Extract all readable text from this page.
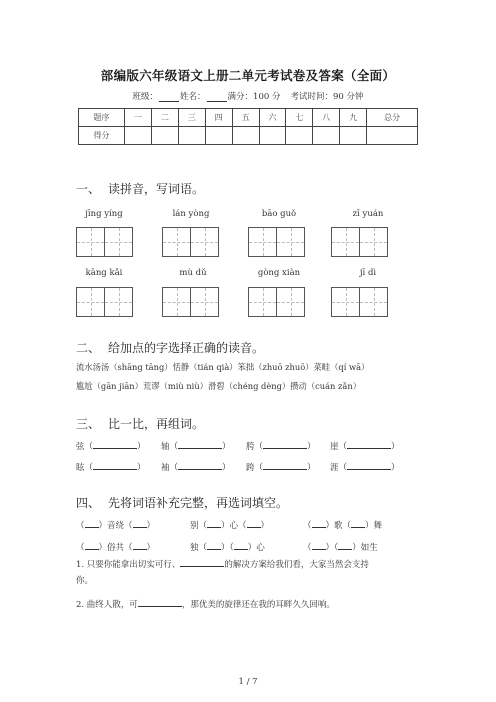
部编版六年级语文上册二单元考试卷及答案（全面）
班级：	姓名：	满分：100 分 考试时间：90 分钟
题序	一	二	三	四	五	六	七	八	九	总分
得分										
一、 读拼音，写词语。
jīng yíng	lán yòng	bāo guǒ	zī yuán
kāng kǎi	mù dǔ	gòng xiàn	jī dì
二、 给加点的字选择正确的读音。
流水汤汤（shāng tāng）恬静（tián qià）笨拙（zhuō zhuō）菜畦（qí wā）
尴尬（gān jiān）荒谬（miù niù）滑碧（chéng dèng）攒动（cuán zǎn）
三、 比一比，再组词。
弦（	） 轴（	） 胯（	） 崖（	）
眩（	） 袖（	） 跨（	） 涯（	）
四、 先将词语补充完整，再选词填空。
（ ）音绕（ ）	别（ ）心（ ）	（ ）歌（ ）舞
（ ）俗共（ ）	独（ ）（ ）心	（ ）（ ）如生
1. 只要你能拿出切实可行、	的解决方案给我们看，大家当然会支持
你。
2. 曲终人散，可	，那优美的旋律还在我的耳畔久久回响。
1 / 7
